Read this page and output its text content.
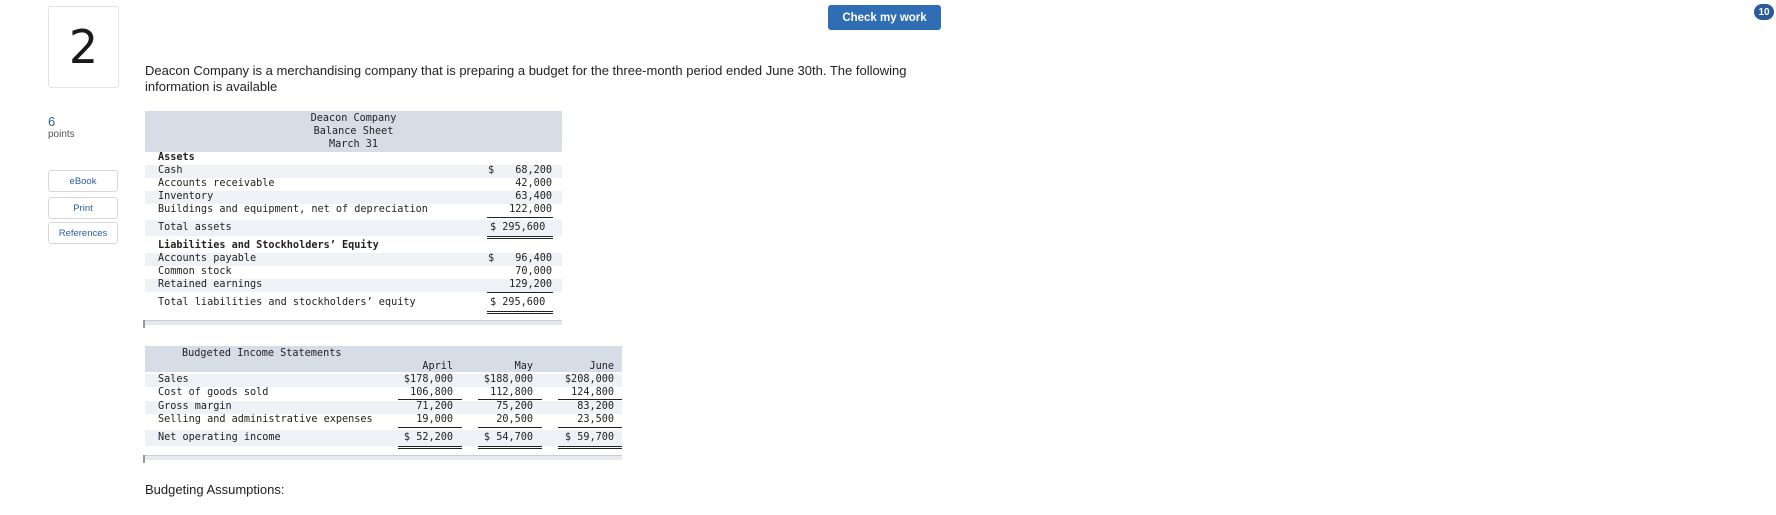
2
6
points
eBook
Print
References
Check my work	10
Deacon Company is a merchandising company that is preparing a budget for the three-month period ended June 30th. The following information is available
Deacon Company
Balance Sheet
March 31
Assets
Cash	$ 68,200
Accounts receivable	42,000
Inventory	63,400
Buildings and equipment, net of depreciation	122,000
Total assets	$ 295,600
Liabilities and Stockholders’ Equity
Accounts payable	$ 96,400
Common stock	70,000
Retained earnings	129,200
Total liabilities and stockholders’ equity	$ 295,600
Budgeted Income Statements
April	May	June
Sales	$178,000	$188,000	$208,000
Cost of goods sold	106,800	112,800	124,800
Gross margin	71,200	75,200	83,200
Selling and administrative expenses	19,000	20,500	23,500
Net operating income	$ 52,200	$ 54,700	$ 59,700
Budgeting Assumptions:
